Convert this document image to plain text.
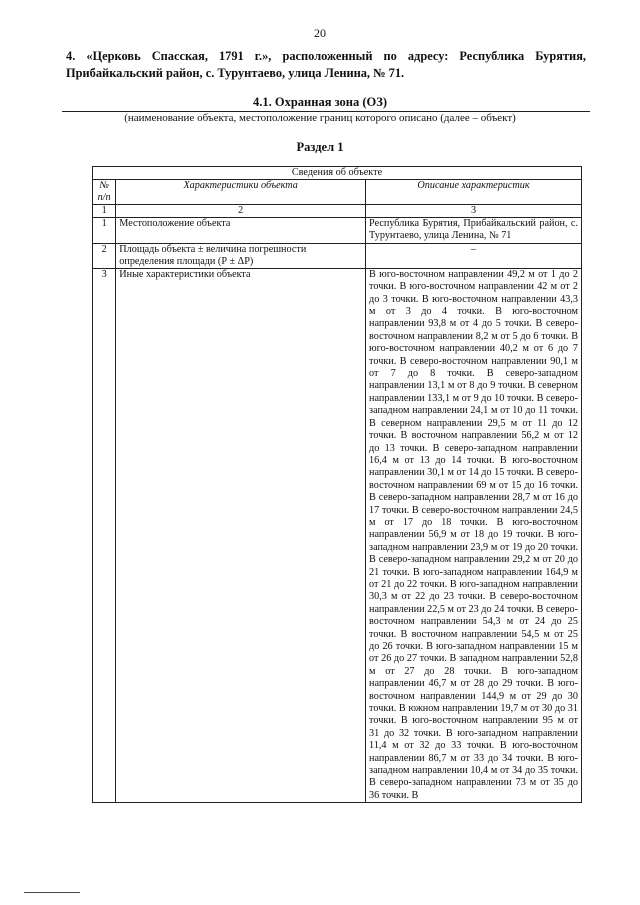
20
4. «Церковь Спасская, 1791 г.», расположенный по адресу: Республика Бурятия, Прибайкальский район, с. Турунтаево, улица Ленина, № 71.
4.1. Охранная зона (ОЗ)
(наименование объекта, местоположение границ которого описано (далее – объект)
Раздел 1
Сведения об объекте		
№ п/п	Характеристики объекта	Описание характеристик
1	2	3
1	Местоположение объекта	Республика Бурятия, Прибайкальский район, с. Турунтаево, улица Ленина, № 71
2	Площадь объекта ± величина погрешности определения площади (Р ± ΔР)	–
3	Иные характеристики объекта	В юго-восточном направлении 49,2 м от 1 до 2 точки. В юго-восточном направлении 42 м от 2 до 3 точки. В юго-восточном направлении 43,3 м от 3 до 4 точки. В юго-восточном направлении 93,8 м от 4 до 5 точки. В северо-восточном направлении 8,2 м от 5 до 6 точки. В юго-восточном направлении 40,2 м от 6 до 7 точки. В северо-восточном направлении 90,1 м от 7 до 8 точки. В северо-западном направлении 13,1 м от 8 до 9 точки. В северном направлении 133,1 м от 9 до 10 точки. В северо-западном направлении 24,1 м от 10 до 11 точки. В северном направлении 29,5 м от 11 до 12 точки. В восточном направлении 56,2 м от 12 до 13 точки. В северо-западном направлении 16,4 м от 13 до 14 точки. В юго-восточном направлении 30,1 м от 14 до 15 точки. В северо-восточном направлении 69 м от 15 до 16 точки. В северо-западном направлении 28,7 м от 16 до 17 точки. В северо-восточном направлении 24,5 м от 17 до 18 точки. В юго-восточном направлении 56,9 м от 18 до 19 точки. В юго-западном направлении 23,9 м от 19 до 20 точки. В северо-западном направлении 29,2 м от 20 до 21 точки. В юго-западном направлении 164,9 м от 21 до 22 точки. В юго-западном направлении 30,3 м от 22 до 23 точки. В северо-восточном направлении 22,5 м от 23 до 24 точки. В северо-восточном направлении 54,3 м от 24 до 25 точки. В восточном направлении 54,5 м от 25 до 26 точки. В юго-западном направлении 15 м от 26 до 27 точки. В западном направлении 52,8 м от 27 до 28 точки. В юго-западном направлении 46,7 м от 28 до 29 точки. В юго-восточном направлении 144,9 м от 29 до 30 точки. В южном направлении 19,7 м от 30 до 31 точки. В юго-восточном направлении 95 м от 31 до 32 точки. В юго-западном направлении 11,4 м от 32 до 33 точки. В юго-восточном направлении 86,7 м от 33 до 34 точки. В юго-западном направлении 10,4 м от 34 до 35 точки. В северо-западном направлении 73 м от 35 до 36 точки. В
